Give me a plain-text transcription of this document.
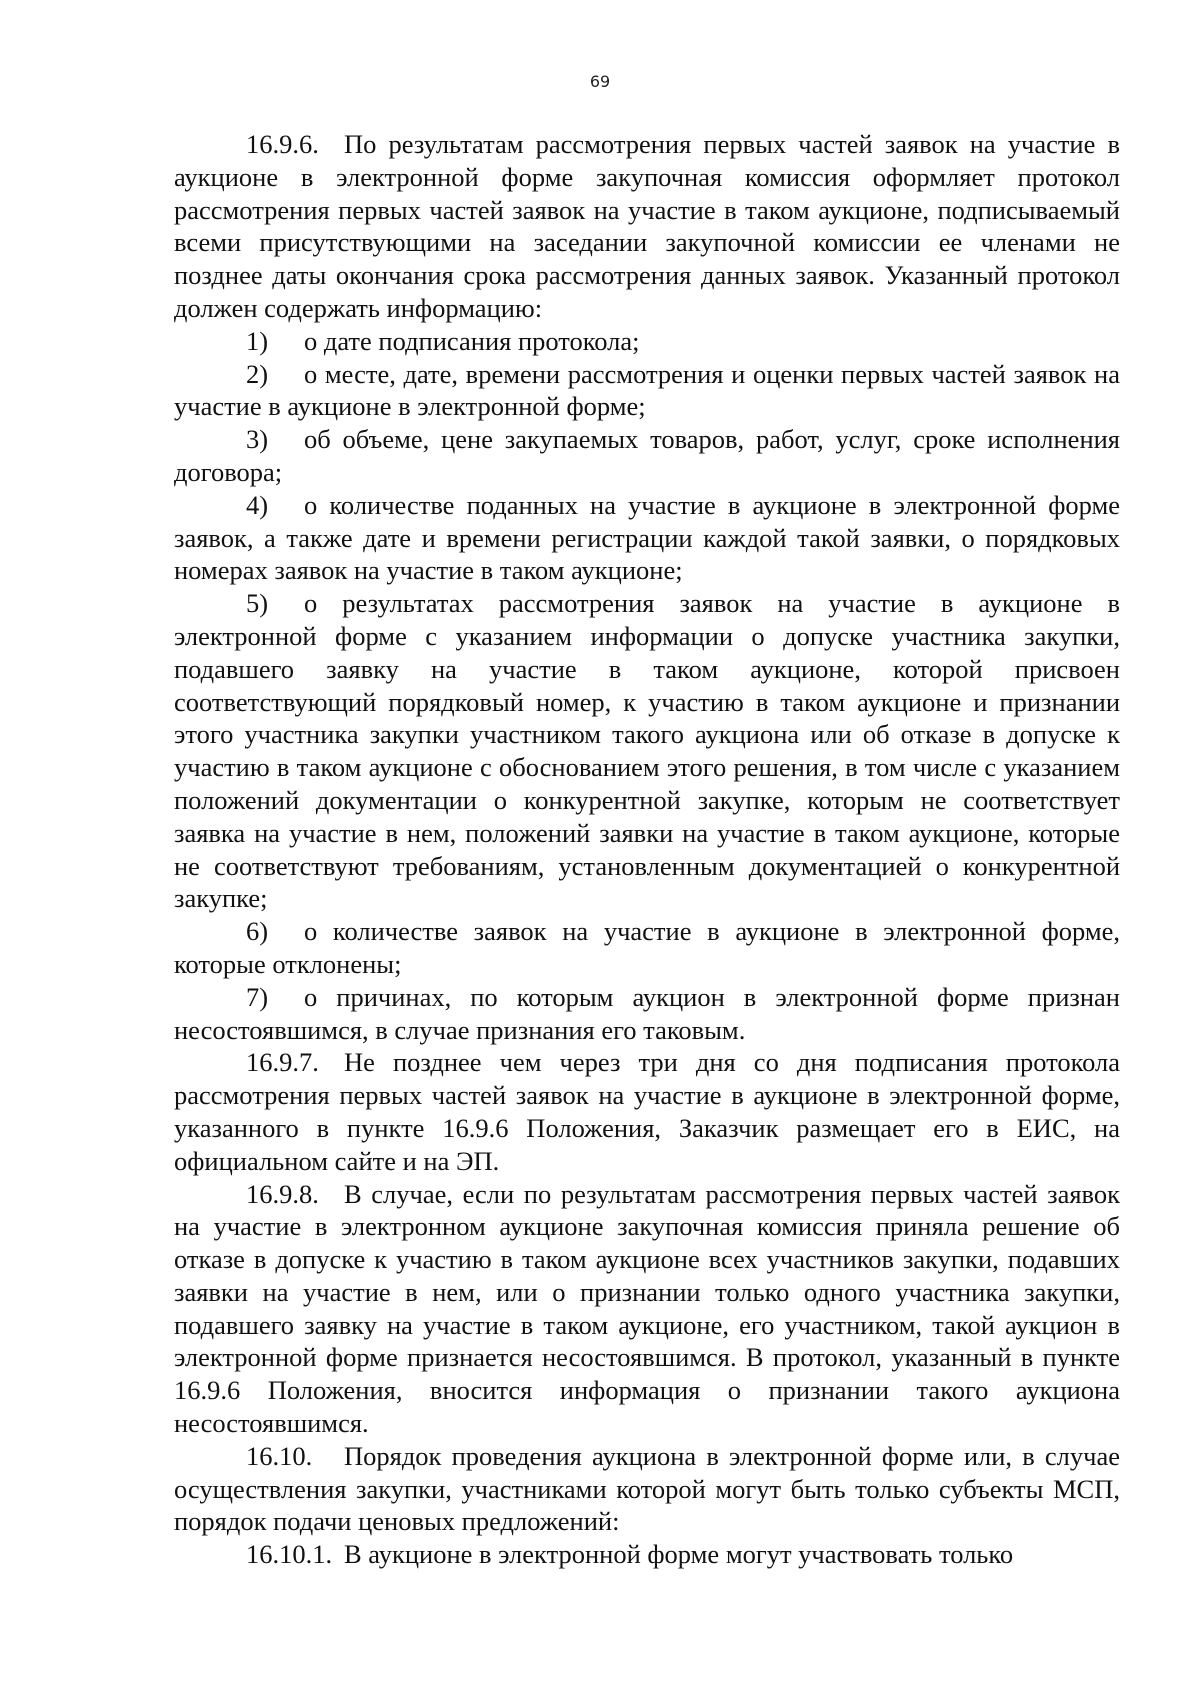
69

16.9.6. По результатам рассмотрения первых частей заявок на участие в аукционе в электронной форме закупочная комиссия оформляет протокол рассмотрения первых частей заявок на участие в таком аукционе, подписываемый всеми присутствующими на заседании закупочной комиссии ее членами не позднее даты окончания срока рассмотрения данных заявок. Указанный протокол должен содержать информацию:

1) о дате подписания протокола;

2) о месте, дате, времени рассмотрения и оценки первых частей заявок на участие в аукционе в электронной форме;

3) об объеме, цене закупаемых товаров, работ, услуг, сроке исполнения договора;

4) о количестве поданных на участие в аукционе в электронной форме заявок, а также дате и времени регистрации каждой такой заявки, о порядковых номерах заявок на участие в таком аукционе;

5) о результатах рассмотрения заявок на участие в аукционе в электронной форме с указанием информации о допуске участника закупки, подавшего заявку на участие в таком аукционе, которой присвоен соответствующий порядковый номер, к участию в таком аукционе и признании этого участника закупки участником такого аукциона или об отказе в допуске к участию в таком аукционе с обоснованием этого решения, в том числе с указанием положений документации о конкурентной закупке, которым не соответствует заявка на участие в нем, положений заявки на участие в таком аукционе, которые не соответствуют требованиям, установленным документацией о конкурентной закупке;

6) о количестве заявок на участие в аукционе в электронной форме, которые отклонены;

7) о причинах, по которым аукцион в электронной форме признан несостоявшимся, в случае признания его таковым.

16.9.7. Не позднее чем через три дня со дня подписания протокола рассмотрения первых частей заявок на участие в аукционе в электронной форме, указанного в пункте 16.9.6 Положения, Заказчик размещает его в ЕИС, на официальном сайте и на ЭП.

16.9.8. В случае, если по результатам рассмотрения первых частей заявок на участие в электронном аукционе закупочная комиссия приняла решение об отказе в допуске к участию в таком аукционе всех участников закупки, подавших заявки на участие в нем, или о признании только одного участника закупки, подавшего заявку на участие в таком аукционе, его участником, такой аукцион в электронной форме признается несостоявшимся. В протокол, указанный в пункте 16.9.6 Положения, вносится информация о признании такого аукциона несостоявшимся.

16.10. Порядок проведения аукциона в электронной форме или, в случае осуществления закупки, участниками которой могут быть только субъекты МСП, порядок подачи ценовых предложений:

16.10.1. В аукционе в электронной форме могут участвовать только
